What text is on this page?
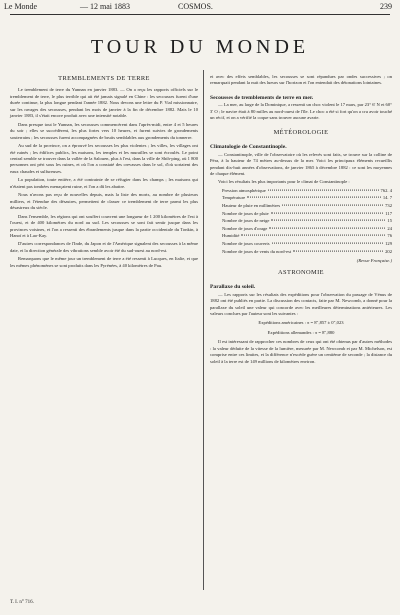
Le Monde	— 12 mai 1883	COSMOS.	239
TOUR DU MONDE
TREMBLEMENTS DE TERRE

Le tremblement de terre du Yunnan en janvier 1883. — On a reçu les rapports officiels sur le tremblement de terre, le plus terrible qui ait été jamais signalé en Chine : les secousses furent d'une durée continue, la plus longue pendant l'année 1882. Nous devons une lettre du P. Vial missionnaire, sur les ravages des secousses, pendant les mois de janvier à la fin de décembre 1882. Mais le 10 janvier 1883, il s'était encore produit avec une intensité notable.

Dans presque tout le Yunnan, les secousses commencèrent dans l'après-midi, entre 4 et 5 heures du soir ; elles se succédèrent, les plus fortes vers 10 heures, et furent suivies de grondements souterrains ; les secousses furent accompagnées de bruits semblables aux grondements du tonnerre.

Au sud de la province, on a éprouvé les secousses les plus violentes ; les villes, les villages ont été ruinés ; les édifices publics, les maisons, les temples et les murailles se sont écroulés. Le point central semble se trouver dans la vallée de la Salouen, plus à l'est, dans la ville de Shih-ping, où 1 800 personnes ont péri sous les ruines, et où l'on a constaté des crevasses dans le sol, d'où sortaient des eaux chaudes et sulfureuses.

La population, toute entière, a été contrainte de se réfugier dans les champs ; les maisons qui n'étaient pas tombées menaçaient ruine, et l'on a dû les abattre.

Nous n'avons pas reçu de nouvelles depuis, mais la liste des morts, au nombre de plusieurs milliers, et l'étendue des désastres, permettent de classer ce tremblement de terre parmi les plus désastreux du siècle.

Dans l'ensemble, les régions qui ont souffert couvrent une longueur de 1 200 kilomètres de l'est à l'ouest, et de 400 kilomètres du nord au sud. Les secousses se sont fait sentir jusque dans les provinces voisines, et l'on a ressenti des ébranlements jusque dans la partie occidentale du Tonkin, à Hanoï et à Lao-Kay.

D'autres correspondances de l'Inde, du Japon et de l'Amérique signalent des secousses à la même date, et la direction générale des vibrations semble avoir été du sud-ouest au nord-est.

Remarquons que le même jour un tremblement de terre a été ressenti à Lucques, en Italie, et que les mêmes phénomènes se sont produits dans les Pyrénées, à 40 kilomètres de Pau.

et avec des effets semblables, les secousses se sont répandues par ondes successives ; on remarquait pendant la nuit des lueurs sur l'horizon et l'on entendait des détonations lointaines.

Secousses de tremblements de terre en mer.

— La mer, au large de la Dominique, a ressenti un choc violent le 17 mars, par 23° 6' N et 60° 3' O ; le navire était à 80 milles au nord-ouest de l'île. Le choc a été si fort qu'on a cru avoir touché un récif, et on a vérifié la coque sans trouver aucune avarie.

MÉTÉOROLOGIE
Climatologie de Constantinople.

— Constantinople, ville de l'observatoire où les relevés sont faits, se trouve sur la colline de Péra, à la hauteur de 74 mètres au-dessus de la mer. Voici les principaux éléments recueillis pendant dix-huit années d'observations, de janvier 1865 à décembre 1882 : ce sont les moyennes de chaque élément.

Voici les résultats les plus importants pour le climat de Constantinople :

Pression atmosphérique	762. 4
Température	14. 7
Hauteur de pluie en millimètres	732
Nombre de jours de pluie	117
Nombre de jours de neige	15
Nombre de jours d'orage	24
Humidité	76
Nombre de jours couverts	129
Nombre de jours de vents du nord-est	202
(Revue Française.)
ASTRONOMIE
Parallaxe du soleil.

— Les rapports sur les résultats des expéditions pour l'observation du passage de Vénus de 1882 ont été publiés en partie. La discussion des contacts, faite par M. Newcomb, a donné pour la parallaxe du soleil une valeur qui concorde avec les meilleures déterminations antérieures. Les valeurs conclues par l'auteur sont les suivantes :

Expéditions américaines : π = 8″,857 ± 0″,023
Expéditions allemandes : π = 8″,880

Il est intéressant de rapprocher ces nombres de ceux qui ont été obtenus par d'autres méthodes : la valeur déduite de la vitesse de la lumière, mesurée par M. Newcomb et par M. Michelson, est comprise entre ces limites, et la différence n'excède guère un centième de seconde ; la distance du soleil à la terre est de 149 millions de kilomètres environ.

T. I. n° 716.
